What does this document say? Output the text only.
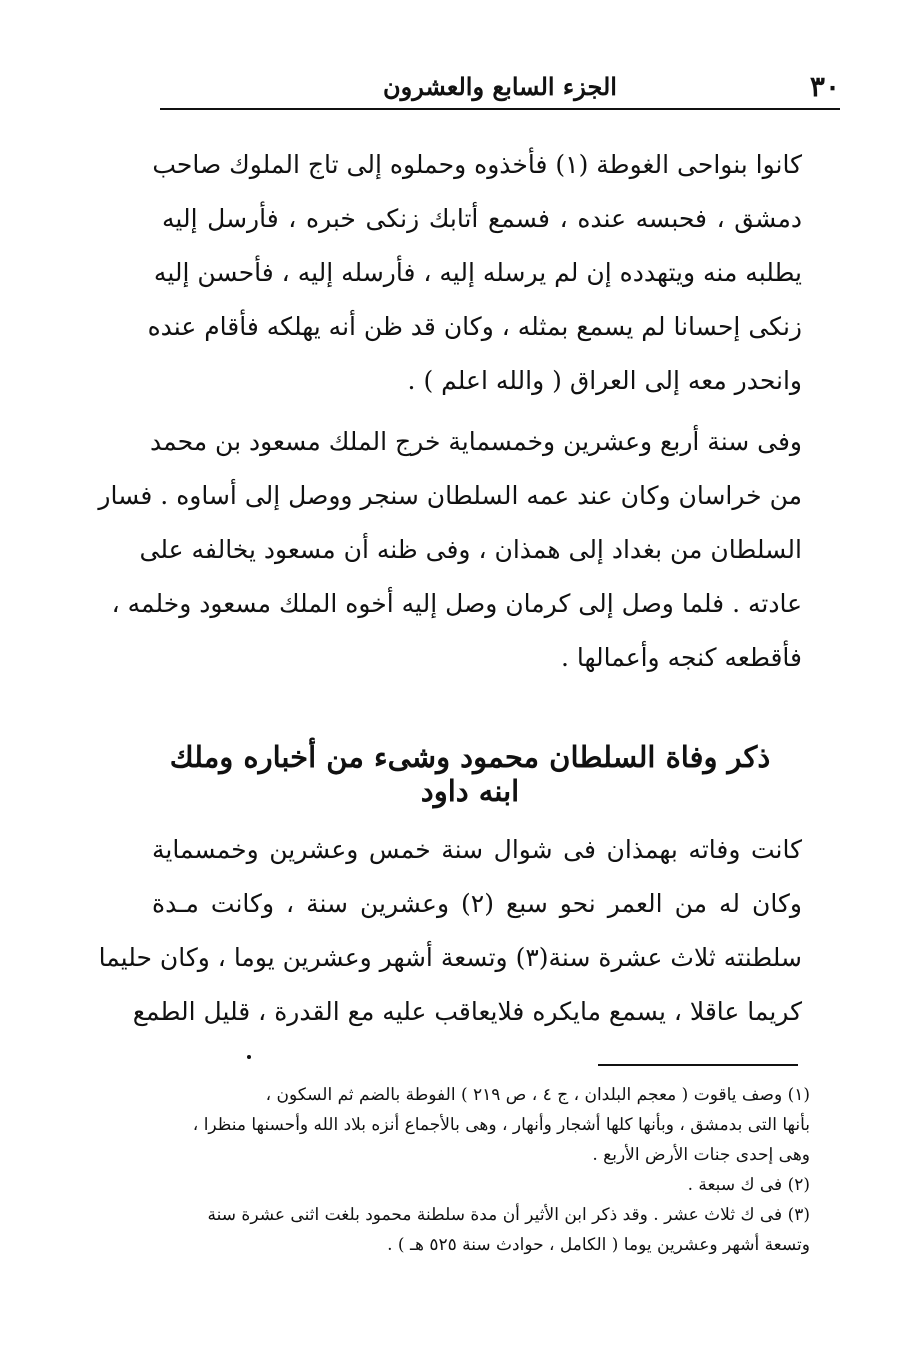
٣٠
الجزء السابع والعشرون
كانوا بنواحى الغوطة (١) فأخذوه وحملوه إلى تاج الملوك صاحب
دمشق ، فحبسه عنده ، فسمع أتابك زنكى خبره ، فأرسل إليه
يطلبه منه ويتهدده إن لم يرسله إليه ، فأرسله إليه ، فأحسن إليه
زنكى إحسانا لم يسمع بمثله ، وكان قد ظن أنه يهلكه فأقام عنده
وانحدر معه إلى العراق ( والله اعلم ) .
وفى سنة أربع وعشرين وخمسماية خرج الملك مسعود بن محمد
من خراسان وكان عند عمه السلطان سنجر ووصل إلى أساوه . فسار
السلطان من بغداد إلى همذان ، وفى ظنه أن مسعود يخالفه على
عادته . فلما وصل إلى كرمان وصل إليه أخوه الملك مسعود وخلمه ،
فأقطعه كنجه وأعمالها .
ذكر وفاة السلطان محمود وشىء من أخباره وملك ابنه داود
كانت وفاته بهمذان فى شوال سنة خمس وعشرين وخمسماية
وكان له من العمر نحو سبع (٢) وعشرين سنة ، وكانت مـدة
سلطنته ثلاث عشرة سنة(٣) وتسعة أشهر وعشرين يوما ، وكان حليما
كريما عاقلا ، يسمع مايكره فلايعاقب عليه مع القدرة ، قليل الطمع
(١) وصف ياقوت ( معجم البلدان ، ج ٤ ، ص ٢١٩ ) الفوطة بالضم ثم السكون ،
بأنها التى بدمشق ، وبأنها كلها أشجار وأنهار ، وهى بالأجماع أنزه بلاد الله وأحسنها منظرا ،
وهى إحدى جنات الأرض الأربع .
(٢) فى ك سبعة .
(٣) فى ك ثلاث عشر . وقد ذكر ابن الأثير أن مدة سلطنة محمود بلغت اثنى عشرة سنة
وتسعة أشهر وعشرين يوما ( الكامل ، حوادث سنة ٥٢٥ هـ ) .
